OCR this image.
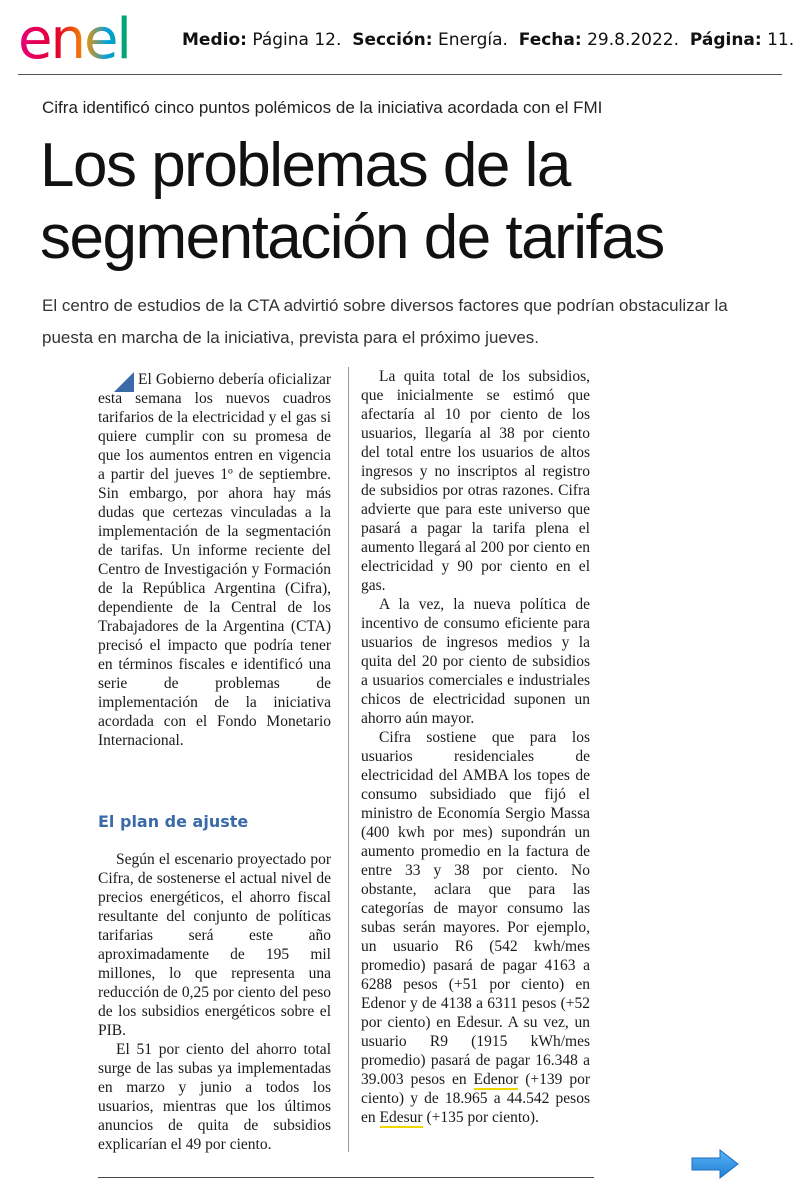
enel	Medio: Página 12. Sección: Energía. Fecha: 29.8.2022. Página: 11.
Cifra identificó cinco puntos polémicos de la iniciativa acordada con el FMI
Los problemas de la
segmentación de tarifas
El centro de estudios de la CTA advirtió sobre diversos factores que podrían obstaculizar la puesta en marcha de la iniciativa, prevista para el próximo jueves.

El Gobierno debería oficializar esta semana los nuevos cuadros tarifarios de la electricidad y el gas si quiere cumplir con su promesa de que los aumentos entren en vigencia a partir del jueves 1º de septiembre. Sin embargo, por ahora hay más dudas que certezas vinculadas a la implementación de la segmentación de tarifas. Un informe reciente del Centro de Investigación y Formación de la República Argentina (Cifra), dependiente de la Central de los Trabajadores de la Argentina (CTA) precisó el impacto que podría tener en términos fiscales e identificó una serie de problemas de implementación de la iniciativa acordada con el Fondo Monetario Internacional.

El plan de ajuste

Según el escenario proyectado por Cifra, de sostenerse el actual nivel de precios energéticos, el ahorro fiscal resultante del conjunto de políticas tarifarias será este año aproximadamente de 195 mil millones, lo que representa una reducción de 0,25 por ciento del peso de los subsidios energéticos sobre el PIB.

El 51 por ciento del ahorro total surge de las subas ya implementadas en marzo y junio a todos los usuarios, mientras que los últimos anuncios de quita de subsidios explicarían el 49 por ciento.

La quita total de los subsidios, que inicialmente se estimó que afectaría al 10 por ciento de los usuarios, llegaría al 38 por ciento del total entre los usuarios de altos ingresos y no inscriptos al registro de subsidios por otras razones. Cifra advierte que para este universo que pasará a pagar la tarifa plena el aumento llegará al 200 por ciento en electricidad y 90 por ciento en el gas.

A la vez, la nueva política de incentivo de consumo eficiente para usuarios de ingresos medios y la quita del 20 por ciento de subsidios a usuarios comerciales e industriales chicos de electricidad suponen un ahorro aún mayor.

Cifra sostiene que para los usuarios residenciales de electricidad del AMBA los topes de consumo subsidiado que fijó el ministro de Economía Sergio Massa (400 kwh por mes) supondrán un aumento promedio en la factura de entre 33 y 38 por ciento. No obstante, aclara que para las categorías de mayor consumo las subas serán mayores. Por ejemplo, un usuario R6 (542 kwh/mes promedio) pasará de pagar 4163 a 6288 pesos (+51 por ciento) en Edenor y de 4138 a 6311 pesos (+52 por ciento) en Edesur. A su vez, un usuario R9 (1915 kWh/mes promedio) pasará de pagar 16.348 a 39.003 pesos en Edenor (+139 por ciento) y de 18.965 a 44.542 pesos en Edesur (+135 por ciento).
